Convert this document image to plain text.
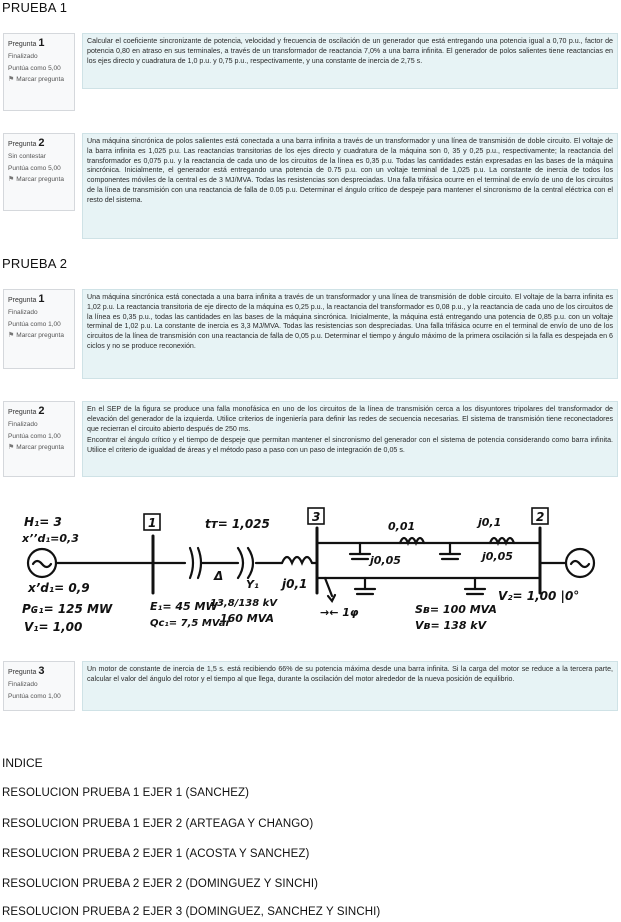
PRUEBA 1
Pregunta 1
Finalizado
Puntúa como 5,00
⚑ Marcar pregunta

Calcular el coeficiente sincronizante de potencia, velocidad y frecuencia de oscilación de un generador que está entregando una potencia igual a 0,70 p.u., factor de potencia 0,80 en atraso en sus terminales, a través de un transformador de reactancia 7,0% a una barra infinita. El generador de polos salientes tiene reactancias en los ejes directo y cuadratura de 1,0 p.u. y 0,75 p.u., respectivamente, y una constante de inercia de 2,75 s.

Pregunta 2
Sin contestar
Puntúa como 5,00
⚑ Marcar pregunta

Una máquina sincrónica de polos salientes está conectada a una barra infinita a través de un transformador y una línea de transmisión de doble circuito. El voltaje de la barra infinita es 1,025 p.u. Las reactancias transitorias de los ejes directo y cuadratura de la máquina son 0, 35 y 0,25 p.u., respectivamente; la reactancia del transformador es 0,075 p.u. y la reactancia de cada uno de los circuitos de la línea es 0,35 p.u. Todas las cantidades están expresadas en las bases de la máquina sincrónica. Inicialmente, el generador está entregando una potencia de 0.75 p.u. con un voltaje terminal de 1,025 p.u. La constante de inercia de todos los componentes móviles de la central es de 3 MJ/MVA. Todas las resistencias son despreciadas. Una falla trifásica ocurre en el terminal de envío de uno de los circuitos de la línea de transmisión con una reactancia de falla de 0.05 p.u. Determinar el ángulo crítico de despeje para mantener el sincronismo de la central eléctrica con el resto del sistema.

PRUEBA 2
Pregunta 1
Finalizado
Puntúa como 1,00
⚑ Marcar pregunta

Una máquina sincrónica está conectada a una barra infinita a través de un transformador y una línea de transmisión de doble circuito. El voltaje de la barra infinita es 1,02 p.u. La reactancia transitoria de eje directo de la máquina es 0,25 p.u., la reactancia del transformador es 0,08 p.u., y la reactancia de cada uno de los circuitos de la línea es 0,35 p.u., todas las cantidades en las bases de la máquina sincrónica. Inicialmente, la máquina está entregando una potencia de 0,85 p.u. con un voltaje terminal de 1,02 p.u. La constante de inercia es 3,3 MJ/MVA. Todas las resistencias son despreciadas. Una falla trifásica ocurre en el terminal de envío de uno de los circuitos de la línea de transmisión con una reactancia de falla de 0,05 p.u. Determinar el tiempo y ángulo máximo de la primera oscilación si la falla es despejada en 6 ciclos y no se produce reconexión.

Pregunta 2
Finalizado
Puntúa como 1,00
⚑ Marcar pregunta

En el SEP de la figura se produce una falla monofásica en uno de los circuitos de la línea de transmisión cerca a los disyuntores tripolares del transformador de elevación del generador de la izquierda. Utilice criterios de ingeniería para definir las redes de secuencia necesarias. El sistema de transmisión tiene reconectadores que recierran el circuito abierto después de 250 ms.

Encontrar el ángulo crítico y el tiempo de despeje que permitan mantener el sincronismo del generador con el sistema de potencia considerando como barra infinita. Utilice el criterio de igualdad de áreas y el método paso a paso con un paso de integración de 0,05 s.

1	3	2
H₁= 3
x’’d₁=0,3
x’d₁= 0,9
Pɢ₁= 125 MW
V₁= 1,00
E₁= 45 MW
Qᴄ₁= 7,5 MVar
tᴛ= 1,025
Δ
Y₁
13,8/138 kV
160 MVA
j0,1
0,01
j0,05
j0,1
j0,05
→← 1φ	Sʙ= 100 MVA
Vʙ= 138 kV
V₂= 1,00 |0°
Pregunta 3
Finalizado
Puntúa como 1,00

Un motor de constante de inercia de 1,5 s. está recibiendo 66% de su potencia máxima desde una barra infinita. Si la carga del motor se reduce a la tercera parte, calcular el valor del ángulo del rotor y el tiempo al que llega, durante la oscilación del motor alrededor de la nueva posición de equilibrio.

INDICE
RESOLUCION PRUEBA 1 EJER 1 (SANCHEZ)
RESOLUCION PRUEBA 1 EJER 2 (ARTEAGA Y CHANGO)
RESOLUCION PRUEBA 2 EJER 1 (ACOSTA Y SANCHEZ)
RESOLUCION PRUEBA 2 EJER 2 (DOMINGUEZ Y SINCHI)
RESOLUCION PRUEBA 2 EJER 3 (DOMINGUEZ, SANCHEZ Y SINCHI)
